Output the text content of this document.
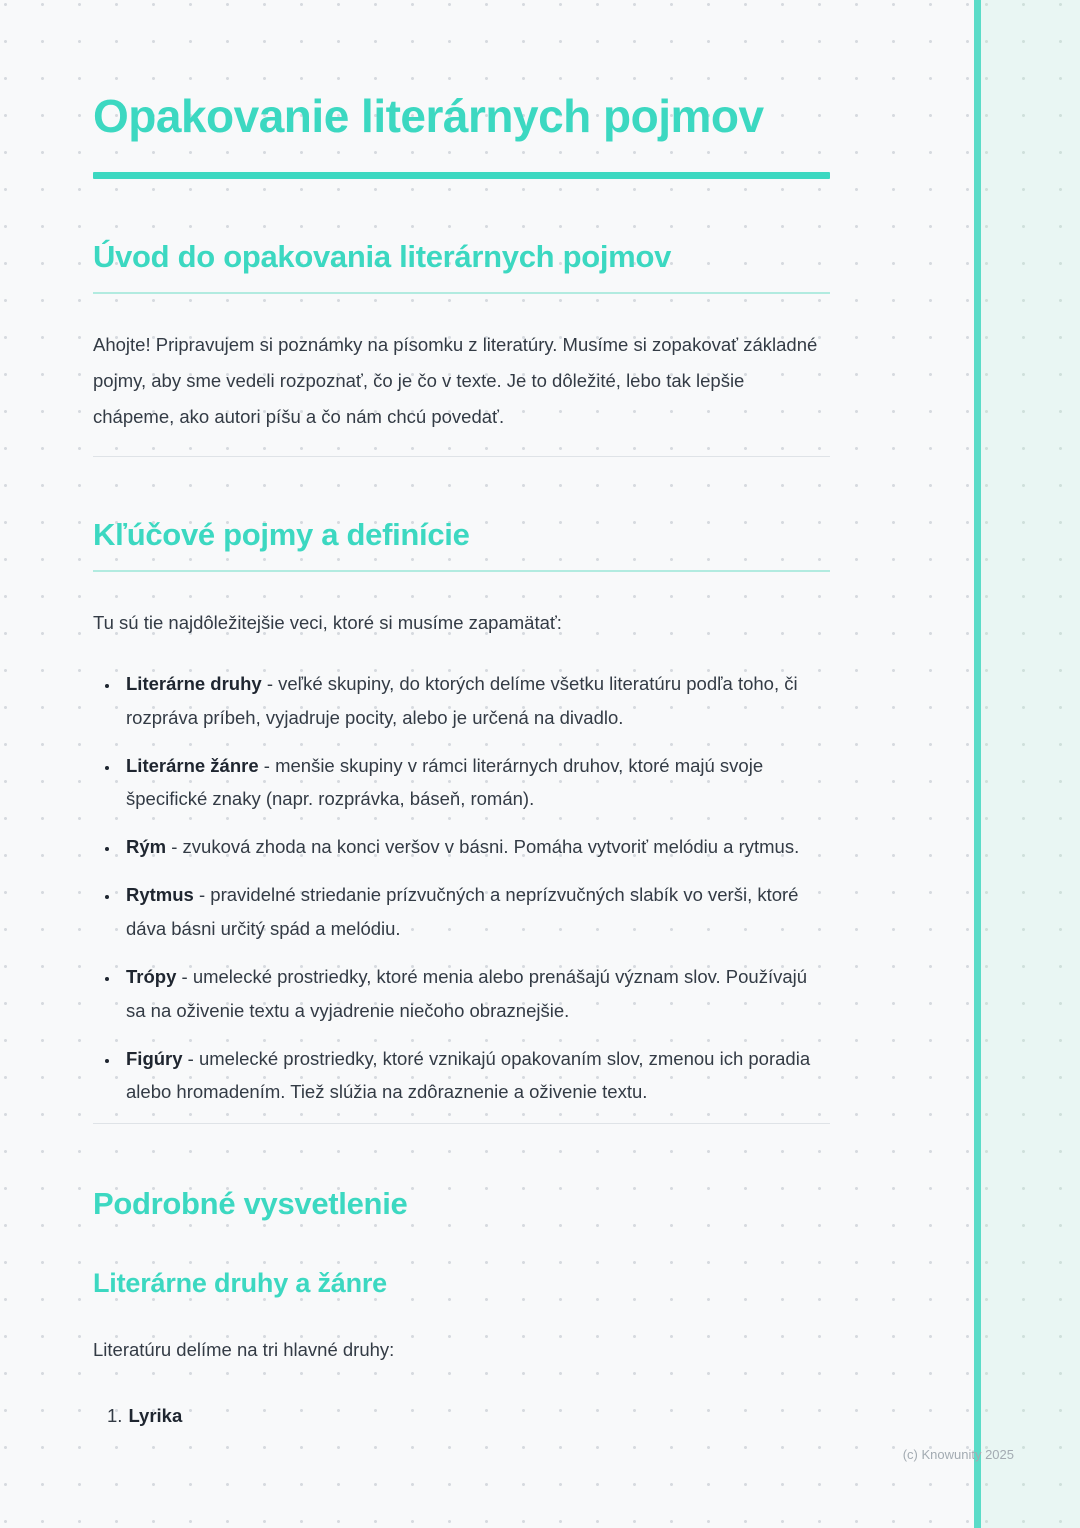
Opakovanie literárnych pojmov
Úvod do opakovania literárnych pojmov

Ahojte! Pripravujem si poznámky na písomku z literatúry. Musíme si zopakovať základné pojmy, aby sme vedeli rozpoznať, čo je čo v texte. Je to dôležité, lebo tak lepšie chápeme, ako autori píšu a čo nám chcú povedať.

Kľúčové pojmy a definície

Tu sú tie najdôležitejšie veci, ktoré si musíme zapamätať:

• Literárne druhy - veľké skupiny, do ktorých delíme všetku literatúru podľa toho, či rozpráva príbeh, vyjadruje pocity, alebo je určená na divadlo.
• Literárne žánre - menšie skupiny v rámci literárnych druhov, ktoré majú svoje špecifické znaky (napr. rozprávka, báseň, román).
• Rým - zvuková zhoda na konci veršov v básni. Pomáha vytvoriť melódiu a rytmus.
• Rytmus - pravidelné striedanie prízvučných a neprízvučných slabík vo verši, ktoré dáva básni určitý spád a melódiu.
• Trópy - umelecké prostriedky, ktoré menia alebo prenášajú význam slov. Používajú sa na oživenie textu a vyjadrenie niečoho obraznejšie.
• Figúry - umelecké prostriedky, ktoré vznikajú opakovaním slov, zmenou ich poradia alebo hromadením. Tiež slúžia na zdôraznenie a oživenie textu.
Podrobné vysvetlenie
Literárne druhy a žánre

Literatúru delíme na tri hlavné druhy:

1. Lyrika
(c) Knowunity 2025
